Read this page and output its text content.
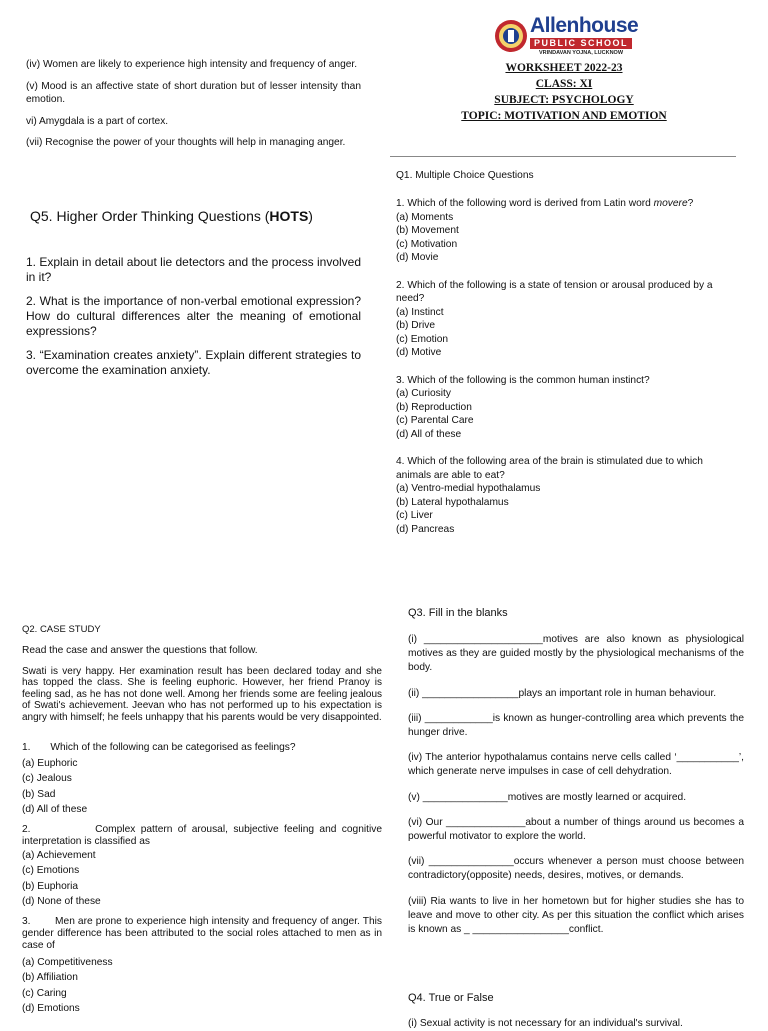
Allenhouse
PUBLIC SCHOOL
VRINDAVAN YOJNA, LUCKNOW
WORKSHEET 2022-23
CLASS: XI
SUBJECT: PSYCHOLOGY
TOPIC: MOTIVATION AND EMOTION
(iv) Women are likely to experience high intensity and frequency of anger.
(v) Mood is an affective state of short duration but of lesser intensity than emotion.
vi) Amygdala is a part of cortex.
(vii) Recognise the power of your thoughts will help in managing anger.
Q5. Higher Order Thinking Questions (HOTS)
1. Explain in detail about lie detectors and the process involved in it?
2. What is the importance of non-verbal emotional expression? How do cultural differences alter the meaning of emotional expressions?
3. “Examination creates anxiety”. Explain different strategies to overcome the examination anxiety.
Q1. Multiple Choice Questions
1. Which of the following word is derived from Latin word movere?
(a) Moments
(b) Movement
(c) Motivation
(d) Movie
2. Which of the following is a state of tension or arousal produced by a need?
(a) Instinct
(b) Drive
(c) Emotion
(d) Motive
3. Which of the following is the common human instinct?
(a) Curiosity
(b) Reproduction
(c) Parental Care
(d) All of these
4. Which of the following area of the brain is stimulated due to which animals are able to eat?
(a) Ventro-medial hypothalamus
(b) Lateral hypothalamus
(c) Liver
(d) Pancreas
Q2. CASE STUDY
Read the case and answer the questions that follow.
Swati is very happy. Her examination result has been declared today and she has topped the class. She is feeling euphoric. However, her friend Pranoy is feeling sad, as he has not done well. Among her friends some are feeling jealous of Swati's achievement. Jeevan who has not performed up to his expectation is angry with himself; he feels unhappy that his parents would be very disappointed.
1. Which of the following can be categorised as feelings?
(a) Euphoric
(c) Jealous
(b) Sad
(d) All of these
2.	Complex pattern of arousal, subjective feeling and cognitive interpretation is classified as
(a) Achievement
(c) Emotions
(b) Euphoria
(d) None of these
3. Men are prone to experience high intensity and frequency of anger. This gender difference has been attributed to the social roles attached to men as in case of
(a) Competitiveness
(b) Affiliation
(c) Caring
(d) Emotions
Q3. Fill in the blanks
(i) _____________________motives are also known as physiological motives as they are guided mostly by the physiological mechanisms of the body.
(ii) _________________plays an important role in human behaviour.
(iii) ____________is known as hunger-controlling area which prevents the hunger drive.
(iv) The anterior hypothalamus contains nerve cells called ‘___________’, which generate nerve impulses in case of cell dehydration.
(v) _______________motives are mostly learned or acquired.
(vi) Our ______________about a number of things around us becomes a powerful motivator to explore the world.
(vii) _______________occurs whenever a person must choose between contradictory(opposite) needs, desires, motives, or demands.
(viii) Ria wants to live in her hometown but for higher studies she has to leave and move to other city. As per this situation the conflict which arises is known as _ _________________conflict.
Q4. True or False
(i) Sexual activity is not necessary for an individual's survival.
